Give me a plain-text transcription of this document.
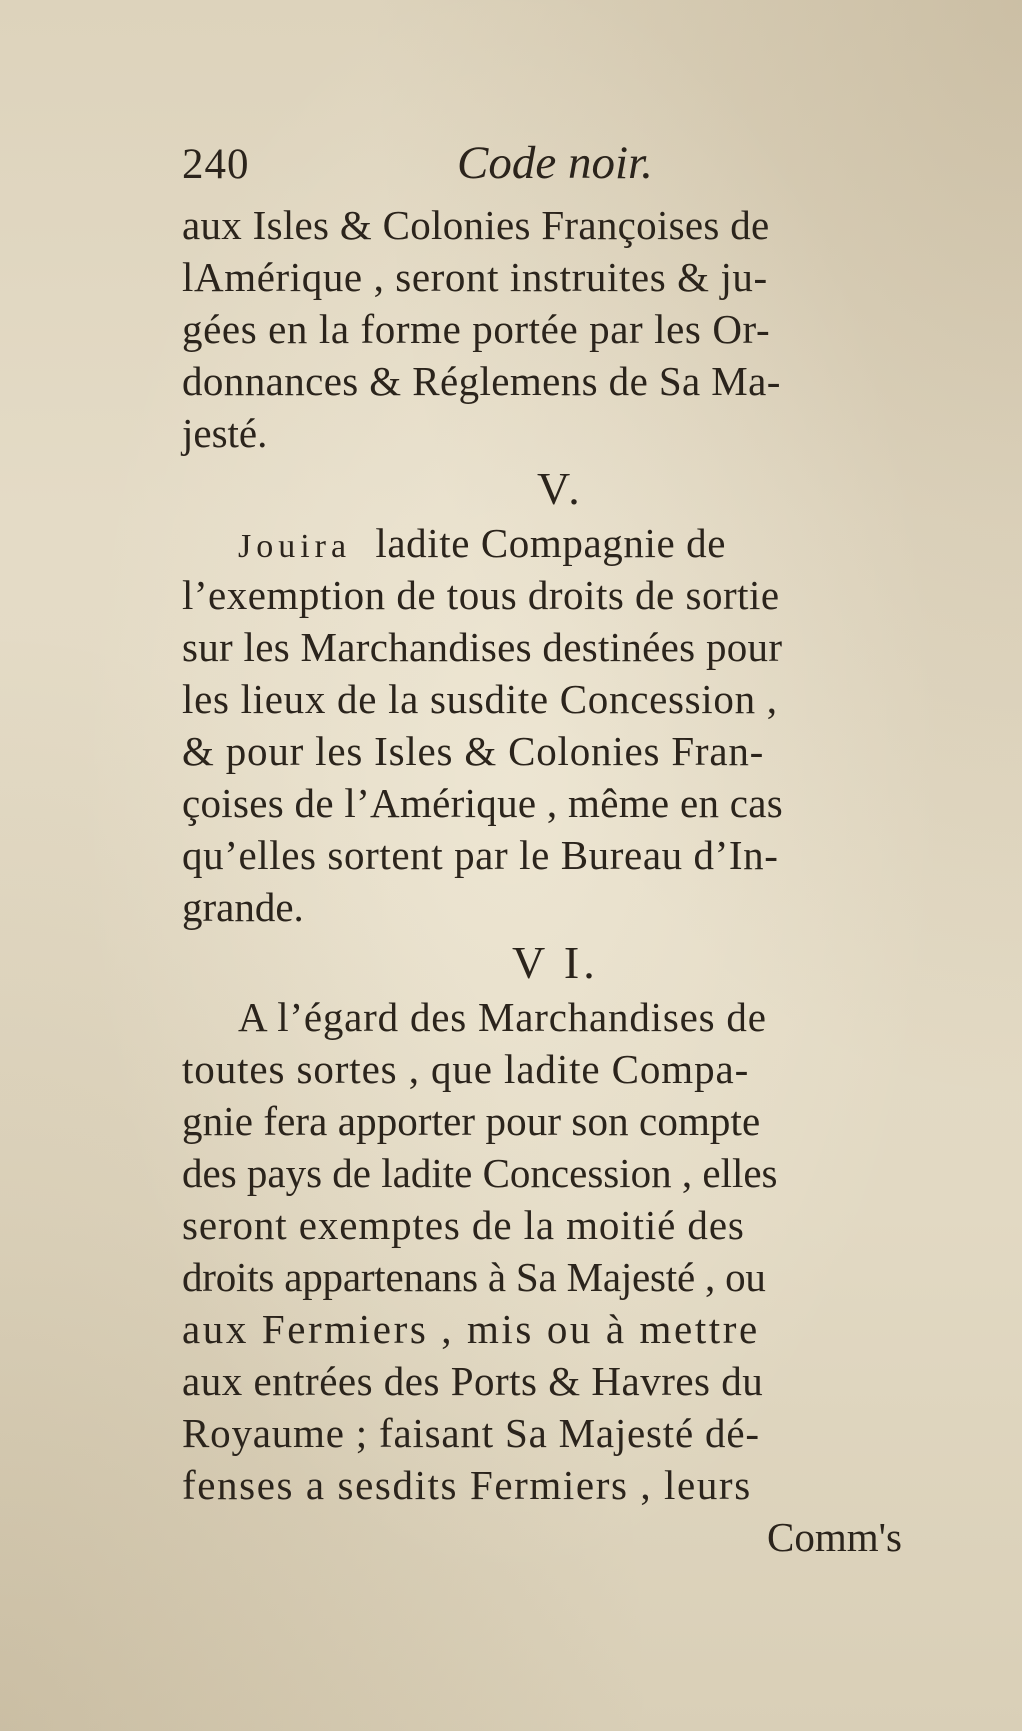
240	Code noir.
aux Isles & Colonies Françoises de
lAmérique , seront instruites & ju-
gées en la forme portée par les Or-
donnances & Réglemens de Sa Ma-
jesté.
V.
Jouira ladite Compagnie de
l’exemption de tous droits de sortie
sur les Marchandises destinées pour
les lieux de la susdite Concession ,
& pour les Isles & Colonies Fran-
çoises de l’Amérique , même en cas
qu’elles sortent par le Bureau d’In-
grande.
V I.
A l’égard des Marchandises de
toutes sortes , que ladite Compa-
gnie fera apporter pour son compte
des pays de ladite Concession , elles
seront exemptes de la moitié des
droits appartenans à Sa Majesté , ou
aux Fermiers , mis ou à mettre
aux entrées des Ports & Havres du
Royaume ; faisant Sa Majesté dé-
fenses a sesdits Fermiers , leurs
Comm's
